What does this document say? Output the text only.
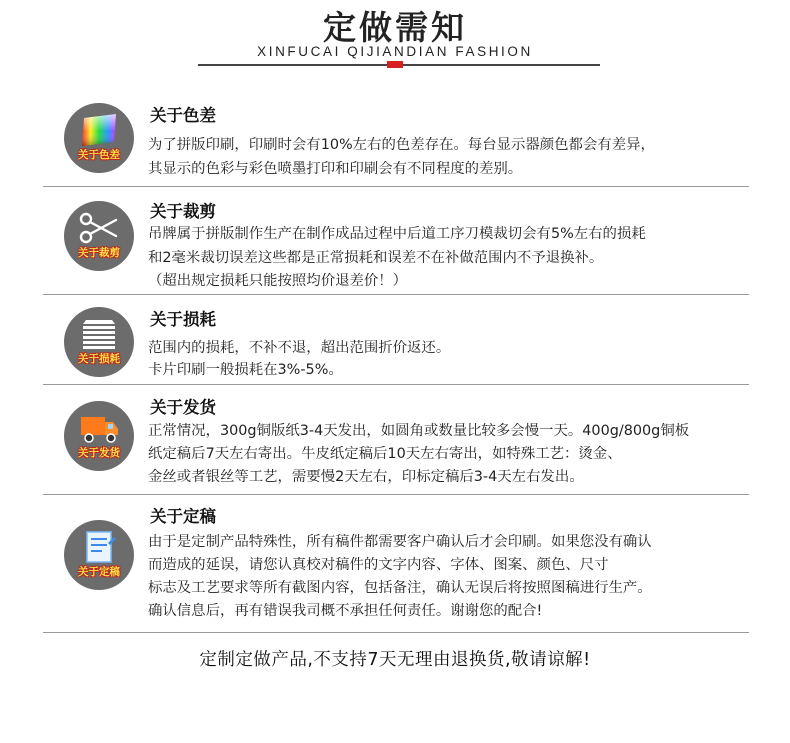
定做需知
XINFUCAI QIJIANDIAN FASHION
关于色差
关于色差
为了拼版印刷，印刷时会有10%左右的色差存在。每台显示器颜色都会有差异，
其显示的色彩与彩色喷墨打印和印刷会有不同程度的差别。
关于裁剪
关于裁剪
吊牌属于拼版制作生产在制作成品过程中后道工序刀模裁切会有5%左右的损耗
和2毫米裁切误差这些都是正常损耗和误差不在补做范围内不予退换补。
（超出规定损耗只能按照均价退差价！）
关于损耗
关于损耗
范围内的损耗，不补不退，超出范围折价返还。
卡片印刷一般损耗在3%-5%。
关于发货
关于发货
正常情况，300g铜版纸3-4天发出，如圆角或数量比较多会慢一天。400g/800g铜板
纸定稿后7天左右寄出。牛皮纸定稿后10天左右寄出，如特殊工艺：烫金、
金丝或者银丝等工艺，需要慢2天左右，印标定稿后3-4天左右发出。
关于定稿
关于定稿
由于是定制产品特殊性，所有稿件都需要客户确认后才会印刷。如果您没有确认
而造成的延误，请您认真校对稿件的文字内容、字体、图案、颜色、尺寸
标志及工艺要求等所有截图内容，包括备注，确认无误后将按照图稿进行生产。
确认信息后，再有错误我司概不承担任何责任。谢谢您的配合!
定制定做产品,不支持7天无理由退换货,敬请谅解!
